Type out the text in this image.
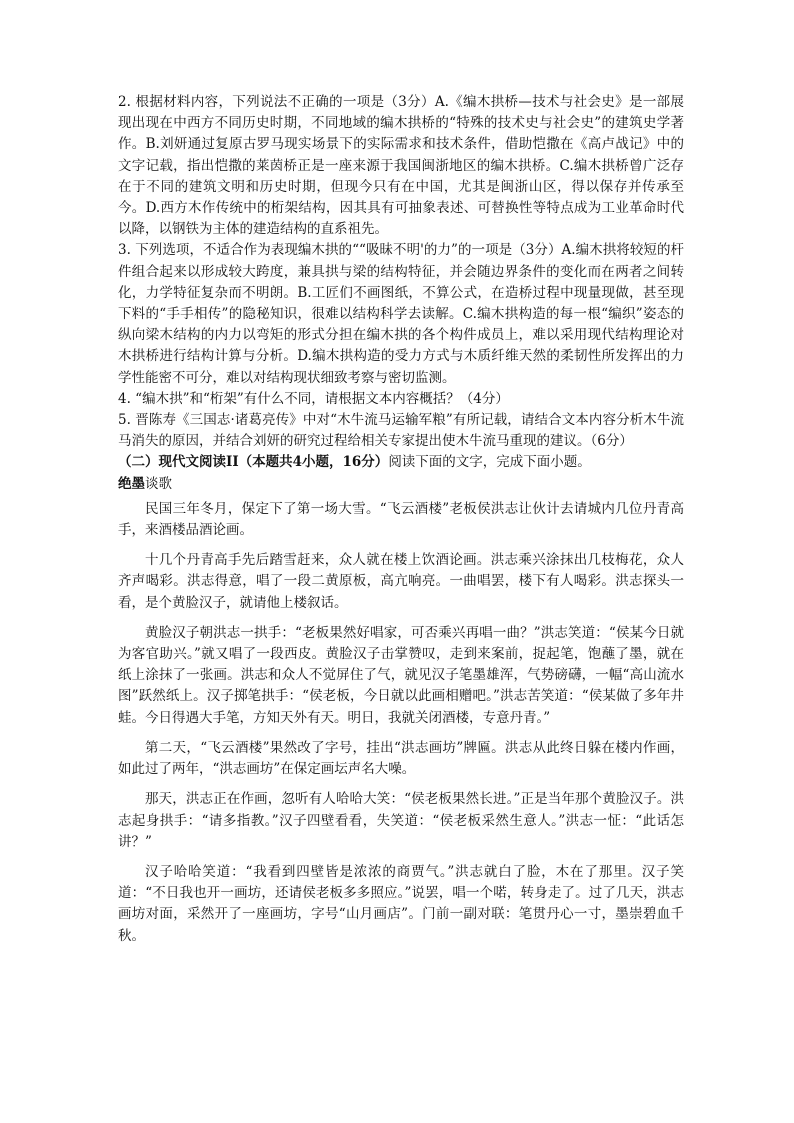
2. 根据材料内容，下列说法不正确的一项是（3分）A.《编木拱桥—技术与社会史》是一部展现出现在中西方不同历史时期，不同地域的编木拱桥的“特殊的技术史与社会史”的建筑史学著作。B.刘妍通过复原古罗马现实场景下的实际需求和技术条件，借助恺撒在《高卢战记》中的文字记载，指出恺撒的莱茵桥正是一座来源于我国闽浙地区的编木拱桥。C.编木拱桥曾广泛存在于不同的建筑文明和历史时期，但现今只有在中国，尤其是闽浙山区，得以保存并传承至今。D.西方木作传统中的桁架结构，因其具有可抽象表述、可替换性等特点成为工业革命时代以降，以钢铁为主体的建造结构的直系祖先。

3. 下列选项，不适合作为表现编木拱的““吸昧不明'的力”的一项是（3分）A.编木拱将较短的杆件组合起来以形成较大跨度，兼具拱与梁的结构特征，并会随边界条件的变化而在两者之间转化，力学特征复杂而不明朗。B.工匠们不画图纸，不算公式，在造桥过程中现量现做，甚至现下料的“手手相传”的隐秘知识，很难以结构科学去读解。C.编木拱构造的每一根“编织”姿态的纵向梁木结构的内力以弯矩的形式分担在编木拱的各个构件成员上，难以采用现代结构理论对木拱桥进行结构计算与分析。D.编木拱构造的受力方式与木质纤维天然的柔韧性所发挥出的力学性能密不可分，难以对结构现状细致考察与密切监测。

4. “编木拱”和“桁架”有什么不同，请根据文本内容概括？（4分）

5. 晋陈寿《三国志·诸葛亮传》中对“木牛流马运输军粮”有所记载，请结合文本内容分析木牛流马消失的原因，并结合刘妍的研究过程给相关专家提出使木牛流马重现的建议。（6分）

（二）现代文阅读II（本题共4小题，16分）阅读下面的文字，完成下面小题。

绝墨谈歌

民国三年冬月，保定下了第一场大雪。“飞云酒楼”老板侯洪志让伙计去请城内几位丹青高手，来酒楼品酒论画。

十几个丹青高手先后踏雪赶来，众人就在楼上饮酒论画。洪志乘兴涂抹出几枝梅花，众人齐声喝彩。洪志得意，唱了一段二黄原板，高亢响亮。一曲唱罢，楼下有人喝彩。洪志探头一看，是个黄脸汉子，就请他上楼叙话。

黄脸汉子朝洪志一拱手：“老板果然好唱家，可否乘兴再唱一曲？”洪志笑道：“侯某今日就为客官助兴。”就又唱了一段西皮。黄脸汉子击掌赞叹，走到来案前，捉起笔，饱蘸了墨，就在纸上涂抹了一张画。洪志和众人不觉屏住了气，就见汉子笔墨雄浑，气势磅礴，一幅“高山流水图”跃然纸上。汉子掷笔拱手：“侯老板，今日就以此画相赠吧。”洪志苦笑道：“侯某做了多年井蛙。今日得遇大手笔，方知天外有天。明日，我就关闭酒楼，专意丹青。”

第二天，“飞云酒楼”果然改了字号，挂出“洪志画坊”牌匾。洪志从此终日躲在楼内作画，如此过了两年，“洪志画坊”在保定画坛声名大噪。

那天，洪志正在作画，忽听有人哈哈大笑：“侯老板果然长进。”正是当年那个黄脸汉子。洪志起身拱手：“请多指教。”汉子四壁看看，失笑道：“侯老板采然生意人。”洪志一怔：“此话怎讲？”

汉子哈哈笑道：“我看到四壁皆是浓浓的商贾气。”洪志就白了脸，木在了那里。汉子笑道：“不日我也开一画坊，还请侯老板多多照应。”说罢，唱一个喏，转身走了。过了几天，洪志画坊对面，采然开了一座画坊，字号“山月画店”。门前一副对联：笔贯丹心一寸，墨崇碧血千秋。
